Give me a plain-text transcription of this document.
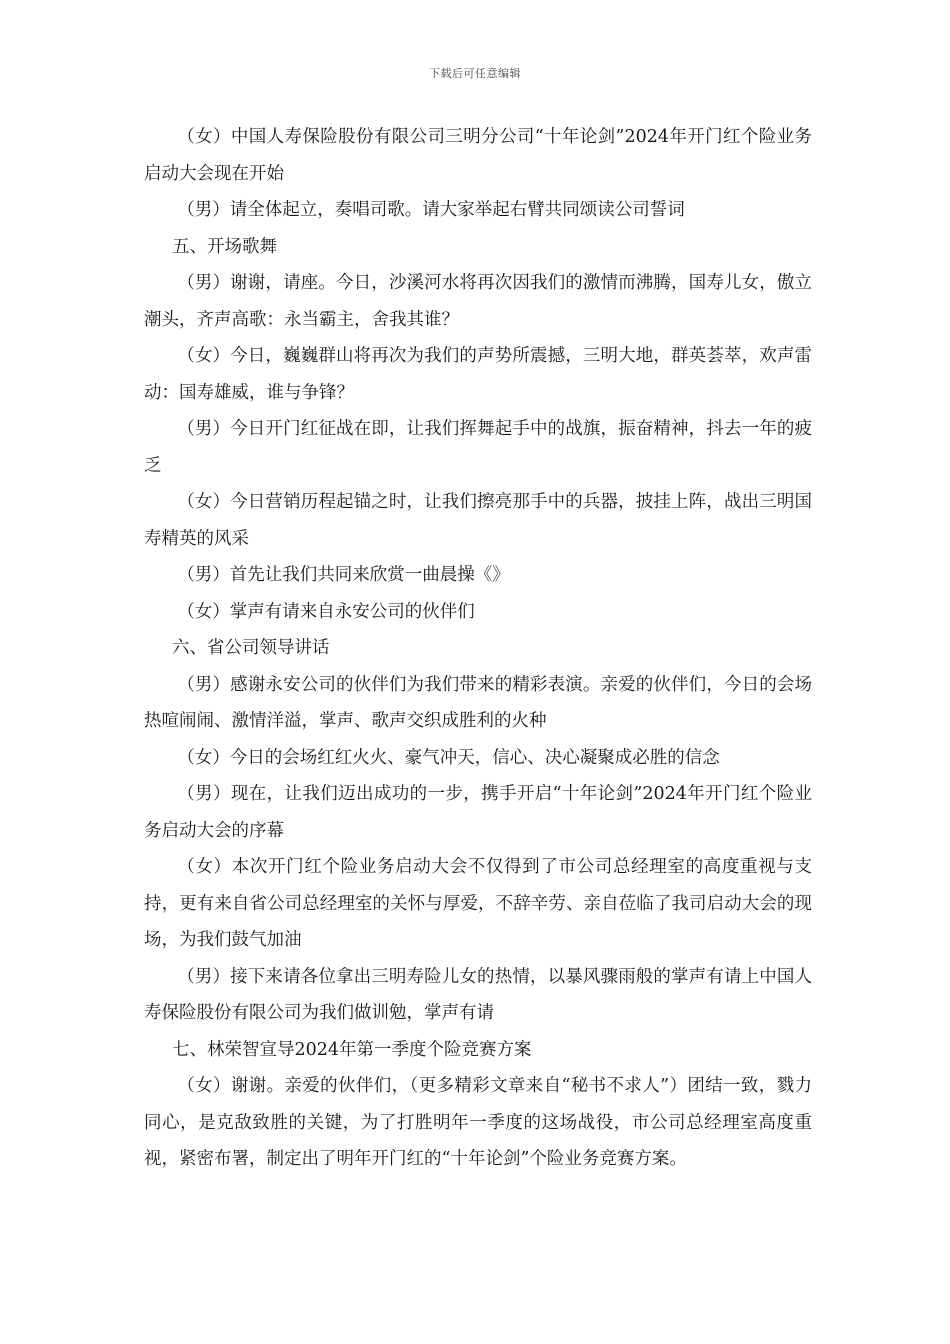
下载后可任意编辑

（女）中国人寿保险股份有限公司三明分公司“十年论剑”2024年开门红个险业务启动大会现在开始

（男）请全体起立，奏唱司歌。请大家举起右臂共同颂读公司誓词

五、开场歌舞

（男）谢谢，请座。今日，沙溪河水将再次因我们的激情而沸腾，国寿儿女，傲立潮头，齐声高歌：永当霸主，舍我其谁？

（女）今日，巍巍群山将再次为我们的声势所震撼，三明大地，群英荟萃，欢声雷动：国寿雄威，谁与争锋？

（男）今日开门红征战在即，让我们挥舞起手中的战旗，振奋精神，抖去一年的疲乏

（女）今日营销历程起锚之时，让我们擦亮那手中的兵器，披挂上阵，战出三明国寿精英的风采

（男）首先让我们共同来欣赏一曲晨操《》

（女）掌声有请来自永安公司的伙伴们

六、省公司领导讲话

（男）感谢永安公司的伙伴们为我们带来的精彩表演。亲爱的伙伴们，今日的会场热喧闹闹、激情洋溢，掌声、歌声交织成胜利的火种

（女）今日的会场红红火火、豪气冲天，信心、决心凝聚成必胜的信念

（男）现在，让我们迈出成功的一步，携手开启“十年论剑”2024年开门红个险业务启动大会的序幕

（女）本次开门红个险业务启动大会不仅得到了市公司总经理室的高度重视与支持，更有来自省公司总经理室的关怀与厚爱，不辞辛劳、亲自莅临了我司启动大会的现场，为我们鼓气加油

（男）接下来请各位拿出三明寿险儿女的热情，以暴风骤雨般的掌声有请上中国人寿保险股份有限公司为我们做训勉，掌声有请

七、林荣智宣导2024年第一季度个险竞赛方案

（女）谢谢。亲爱的伙伴们，（更多精彩文章来自“秘书不求人”）团结一致，戮力同心，是克敌致胜的关键，为了打胜明年一季度的这场战役，市公司总经理室高度重视，紧密布署，制定出了明年开门红的“十年论剑”个险业务竞赛方案。
